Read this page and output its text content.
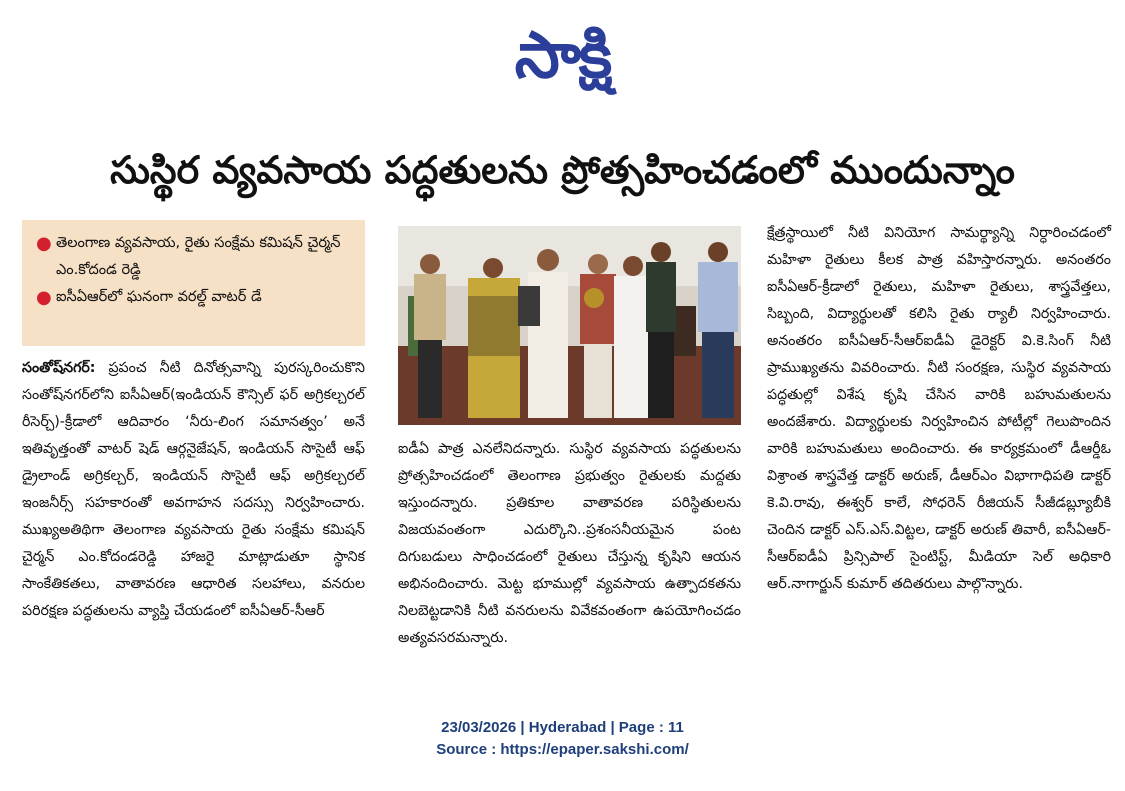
సాక్షి
సుస్థిర వ్యవసాయ పద్ధతులను ప్రోత్సహించడంలో ముందున్నాం
● తెలంగాణ వ్యవసాయ, రైతు సంక్షేమ కమిషన్ చైర్మన్ ఎం.కోదండ రెడ్డి
● ఐసీఏఆర్‌లో ఘనంగా వరల్డ్ వాటర్ డే
సంతోష్‌నగర్: ప్రపంచ నీటి దినోత్సవాన్ని పురస్కరించుకొని సంతోష్‌నగర్‌లోని ఐసీఏఆర్(ఇండియన్ కౌన్సిల్ ఫర్ అగ్రికల్చరల్ రీసెర్చ్)-క్రీడాలో ఆదివారం ‘నీరు-లింగ సమానత్వం’ అనే ఇతివృత్తంతో వాటర్ షెడ్ ఆర్గనైజేషన్, ఇండియన్ సొసైటీ ఆఫ్ డ్రైలాండ్ అగ్రికల్చర్, ఇండియన్ సొసైటీ ఆఫ్ అగ్రికల్చరల్ ఇంజనీర్స్ సహకారంతో అవగాహన సదస్సు నిర్వహించారు. ముఖ్యఅతిథిగా తెలంగాణ వ్యవసాయ రైతు సంక్షేమ కమిషన్ చైర్మన్ ఎం.కోదండరెడ్డి హాజరై మాట్లాడుతూ స్థానిక సాంకేతికతలు, వాతావరణ ఆధారిత సలహాలు, వనరుల పరిరక్షణ పద్ధతులను వ్యాప్తి చేయడంలో ఐసీఏఆర్-సీఆర్
ఐడీఏ పాత్ర ఎనలేనిదన్నారు. సుస్థిర వ్యవసాయ పద్ధతులను ప్రోత్సహించడంలో తెలంగాణ ప్రభుత్వం రైతులకు మద్దతు ఇస్తుందన్నారు. ప్రతికూల వాతావరణ పరిస్థితులను విజయవంతంగా ఎదుర్కొని..ప్రశంసనీయమైన పంట దిగుబడులు సాధించడంలో రైతులు చేస్తున్న కృషిని ఆయన అభినందించారు. మెట్ట భూముల్లో వ్యవసాయ ఉత్పాదకతను నిలబెట్టడానికి నీటి వనరులను వివేకవంతంగా ఉపయోగించడం అత్యవసరమన్నారు.
క్షేత్రస్థాయిలో నీటి వినియోగ సామర్థ్యాన్ని నిర్ధారించడంలో మహిళా రైతులు కీలక పాత్ర వహిస్తారన్నారు. అనంతరం ఐసీఏఆర్-క్రీడాలో రైతులు, మహిళా రైతులు, శాస్త్రవేత్తలు, సిబ్బంది, విద్యార్థులతో కలిసి రైతు ర్యాలీ నిర్వహించారు. అనంతరం ఐసీఏఆర్-సీఆర్ఐడీఏ డైరెక్టర్ వి.కె.సింగ్ నీటి ప్రాముఖ్యతను వివరించారు. నీటి సంరక్షణ, సుస్థిర వ్యవసాయ పద్ధతుల్లో విశేష కృషి చేసిన వారికి బహుమతులను అందజేశారు. విద్యార్థులకు నిర్వహించిన పోటీల్లో గెలుపొందిన వారికి బహుమతులు అందించారు. ఈ కార్యక్రమంలో డీఆర్డీఓ విశ్రాంత శాస్త్రవేత్త డాక్టర్ అరుణ్, డీఆర్ఎం విభాగాధిపతి డాక్టర్ కె.వి.రావు, ఈశ్వర్ కాలే, సోధరెన్ రీజియన్ సీజీడబ్ల్యూబీకి చెందిన డాక్టర్ ఎస్.ఎస్.విట్టల, డాక్టర్ అరుణ్ తివారీ, ఐసీఏఆర్-సీఆర్ఐడీఏ ప్రిన్సిపాల్ సైంటిస్ట్, మీడియా సెల్ అధికారి ఆర్.నాగార్జున్ కుమార్ తదితరులు పాల్గొన్నారు.
23/03/2026 | Hyderabad | Page : 11
Source : https://epaper.sakshi.com/
